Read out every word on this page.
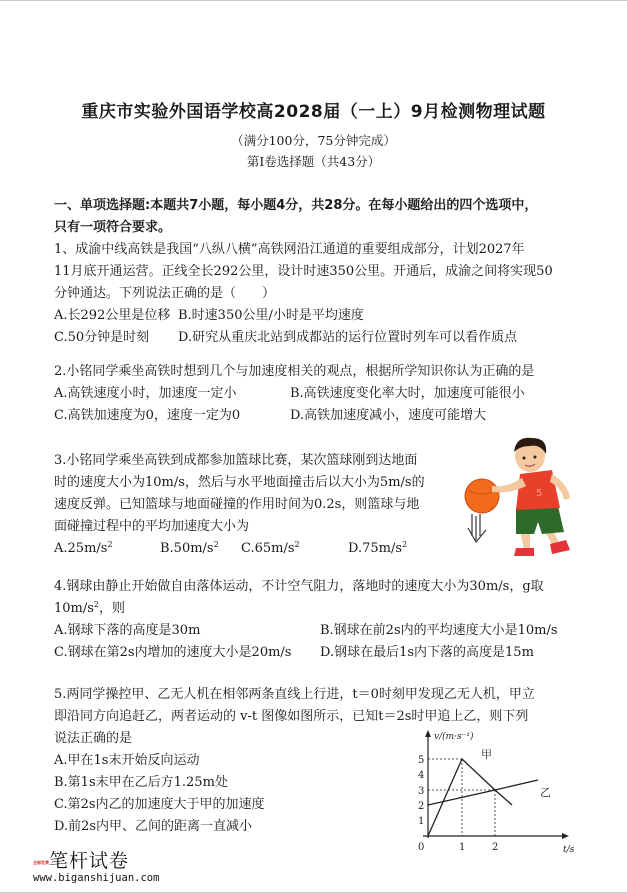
重庆市实验外国语学校高2028届（一上）9月检测物理试题
（满分100分，75分钟完成）
第Ⅰ卷选择题（共43分）
一、单项选择题:本题共7小题，每小题4分，共28分。在每小题给出的四个选项中，
只有一项符合要求。
1、成渝中线高铁是我国“八纵八横”高铁网沿江通道的重要组成部分，计划2027年
11月底开通运营。正线全长292公里，设计时速350公里。开通后，成渝之间将实现50
分钟通达。下列说法正确的是（　　）
A.长292公里是位移 B.时速350公里/小时是平均速度
C.50分钟是时刻 D.研究从重庆北站到成都站的运行位置时列车可以看作质点
2.小铭同学乘坐高铁时想到几个与加速度相关的观点，根据所学知识你认为正确的是
A.高铁速度小时，加速度一定小	B.高铁速度变化率大时，加速度可能很小
C.高铁加速度为0，速度一定为0	D.高铁加速度减小，速度可能增大
3.小铭同学乘坐高铁到成都参加篮球比赛，某次篮球刚到达地面
时的速度大小为10m/s，然后与水平地面撞击后以大小为5m/s的
速度反弹。已知篮球与地面碰撞的作用时间为0.2s，则篮球与地
面碰撞过程中的平均加速度大小为
$A.25m/s^2$	$B.50m/s^2$ $C.65m/s^2$	$D.75m/s^2$
5
4.钢球由静止开始做自由落体运动，不计空气阻力，落地时的速度大小为30m/s，g取
$10m/s^2$，则
A.钢球下落的高度是30m	B.钢球在前2s内的平均速度大小是10m/s
C.钢球在第2s内增加的速度大小是20m/s D.钢球在最后1s内下落的高度是15m
5.两同学操控甲、乙无人机在相邻两条直线上行进，t＝0时刻甲发现乙无人机，甲立
即沿同方向追赶乙，两者运动的 v-t 图像如图所示，已知t＝2s时甲追上乙，则下列
说法正确的是
A.甲在1s末开始反向运动
B.第1s末甲在乙后方1.25m处
C.第2s内乙的加速度大于甲的加速度
D.前2s内甲、乙间的距离一直减小
v/(m·s⁻¹)
t/s
5
4
3
2
1
0	1	2
甲
乙
全部免费 笔杆试卷
www.biganshijuan.com
